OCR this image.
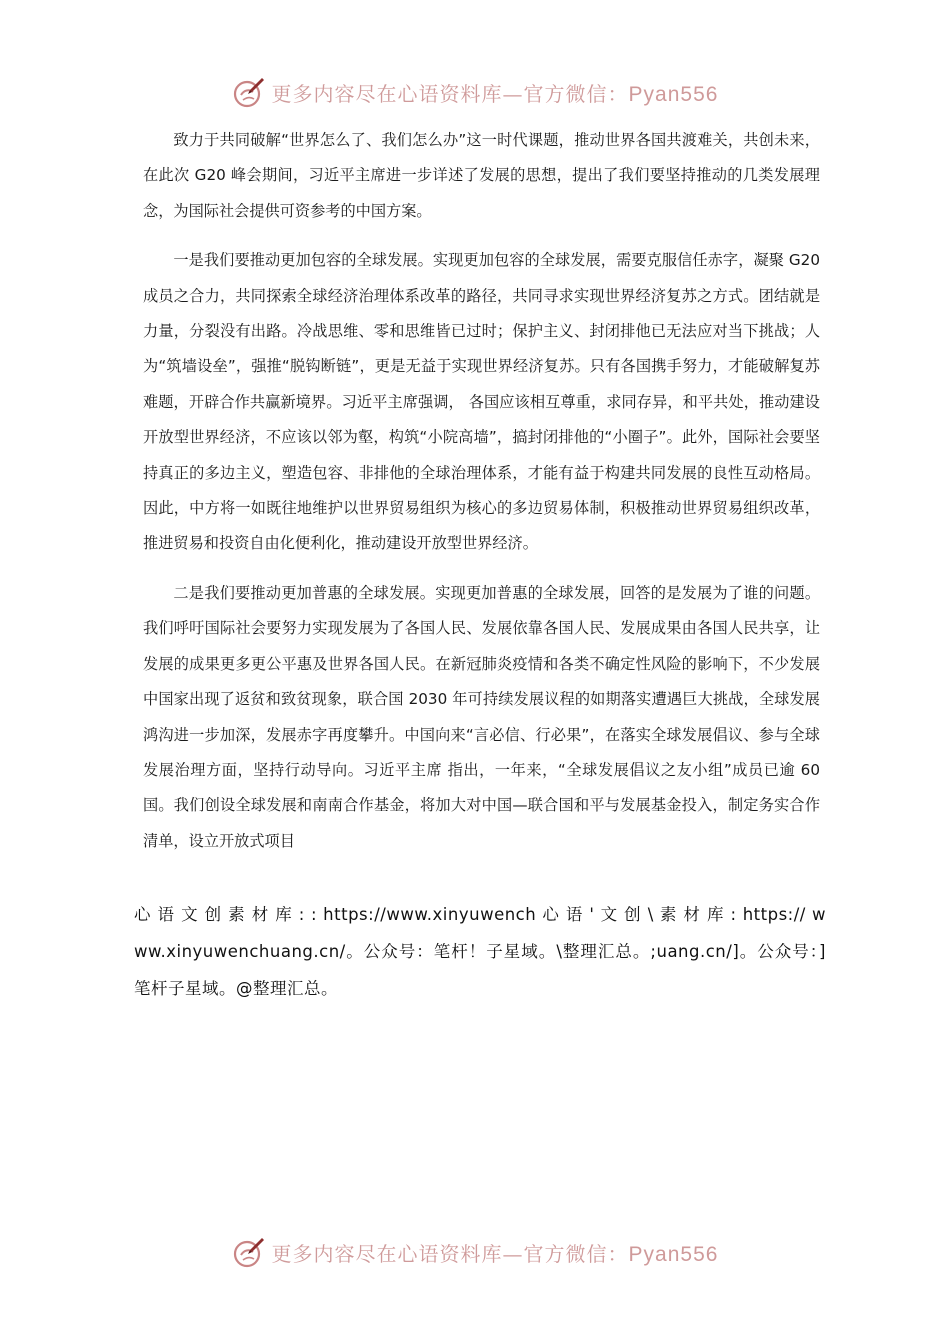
更多内容尽在心语资料库—官方微信：Pyan556

致力于共同破解“世界怎么了、我们怎么办”这一时代课题，推动世界各国共渡难关，共创未来，在此次 G20 峰会期间，习近平主席进一步详述了发展的思想，提出了我们要坚持推动的几类发展理念，为国际社会提供可资参考的中国方案。

一是我们要推动更加包容的全球发展。实现更加包容的全球发展，需要克服信任赤字，凝聚 G20 成员之合力，共同探索全球经济治理体系改革的路径，共同寻求实现世界经济复苏之方式。团结就是力量，分裂没有出路。冷战思维、零和思维皆已过时；保护主义、封闭排他已无法应对当下挑战；人为“筑墙设垒”，强推“脱钩断链”，更是无益于实现世界经济复苏。只有各国携手努力，才能破解复苏难题，开辟合作共赢新境界。习近平主席强调， 各国应该相互尊重，求同存异，和平共处，推动建设开放型世界经济，不应该以邻为壑，构筑“小院高墙”，搞封闭排他的“小圈子”。此外，国际社会要坚持真正的多边主义，塑造包容、非排他的全球治理体系，才能有益于构建共同发展的良性互动格局。因此，中方将一如既往地维护以世界贸易组织为核心的多边贸易体制，积极推动世界贸易组织改革，推进贸易和投资自由化便利化，推动建设开放型世界经济。

二是我们要推动更加普惠的全球发展。实现更加普惠的全球发展，回答的是发展为了谁的问题。我们呼吁国际社会要努力实现发展为了各国人民、发展依靠各国人民、发展成果由各国人民共享，让发展的成果更多更公平惠及世界各国人民。在新冠肺炎疫情和各类不确定性风险的影响下，不少发展中国家出现了返贫和致贫现象，联合国 2030 年可持续发展议程的如期落实遭遇巨大挑战，全球发展鸿沟进一步加深，发展赤字再度攀升。中国向来“言必信、行必果”，在落实全球发展倡议、参与全球发展治理方面，坚持行动导向。习近平主席 指出，一年来，“全球发展倡议之友小组”成员已逾 60 国。我们创设全球发展和南南合作基金，将加大对中国—联合国和平与发展基金投入，制定务实合作清单，设立开放式项目

心 语 文 创 素 材 库 : : https://www.xinyuwench 心 语 ' 文 创 \ 素 材 库 : https:// www.xinyuwenchuang.cn/。公众号：笔杆！子星域。\整理汇总。;uang.cn/]。公众号：]笔杆子星域。@整理汇总。
更多内容尽在心语资料库—官方微信：Pyan556
